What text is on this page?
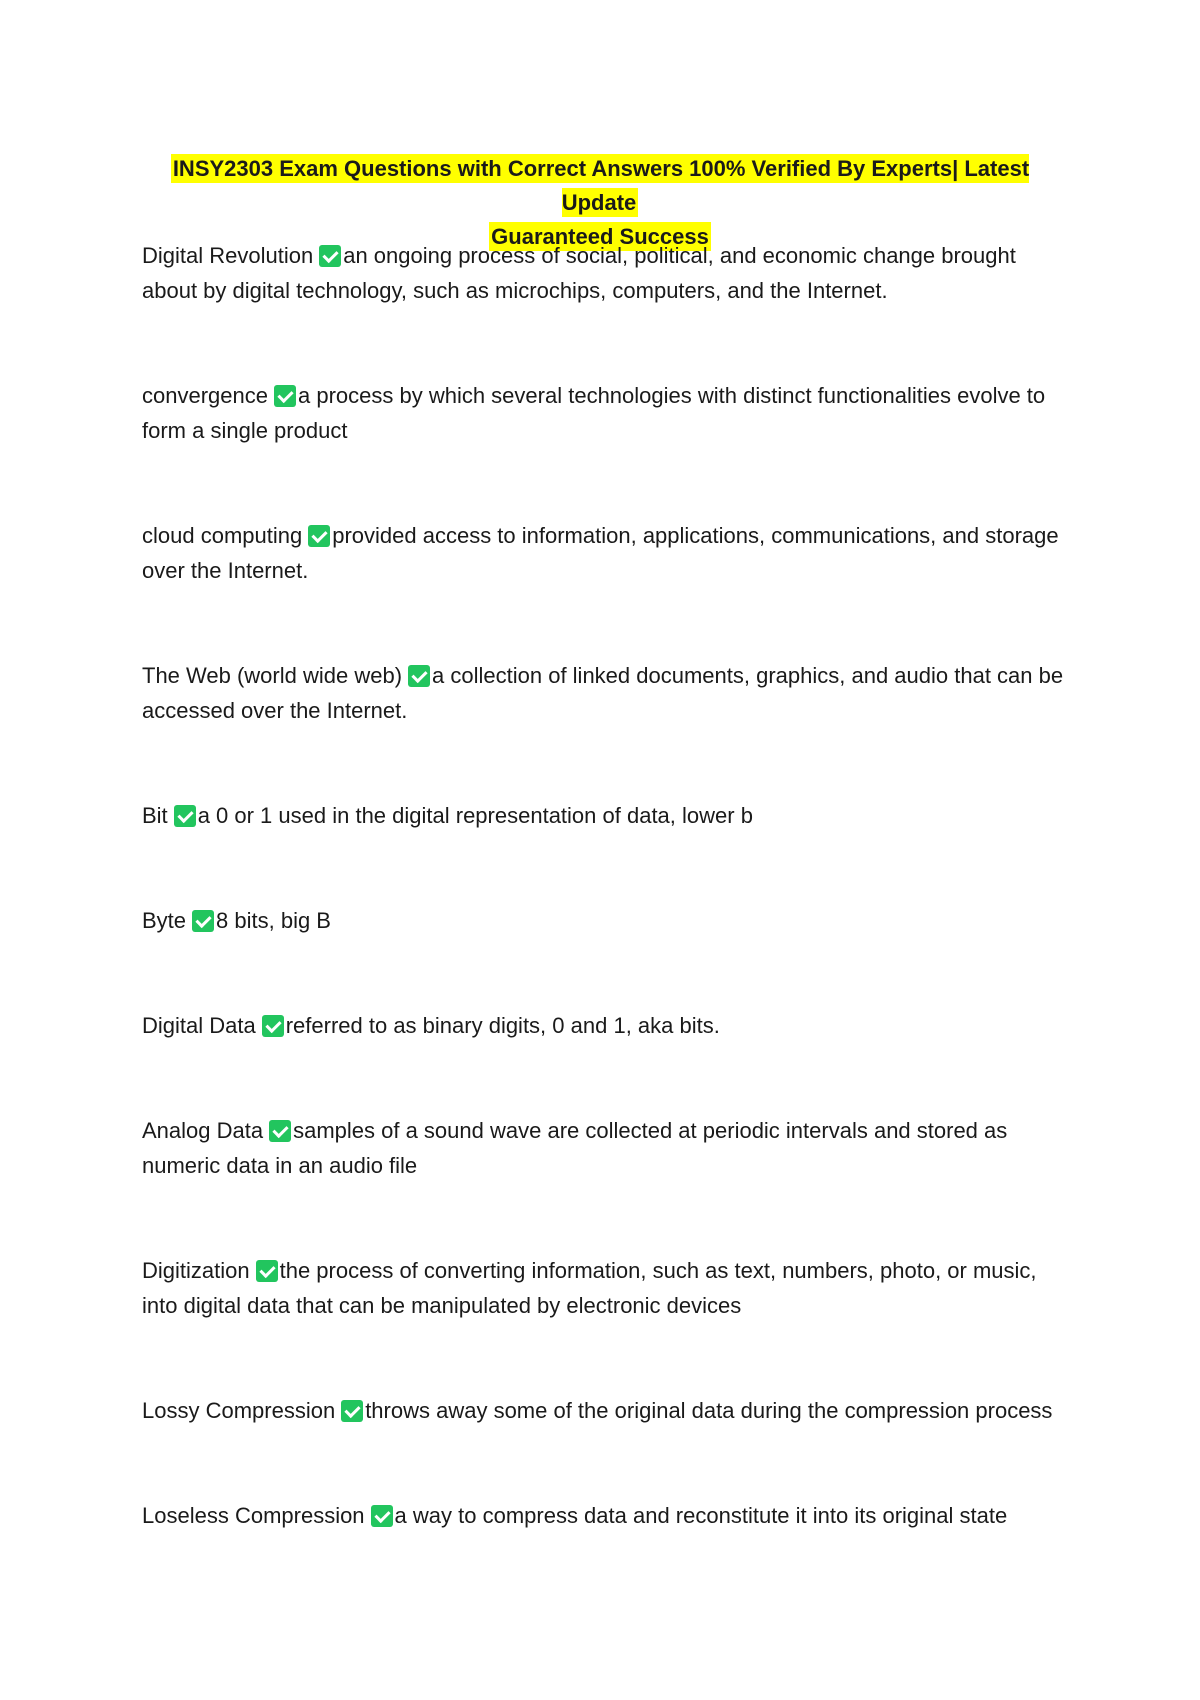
INSY2303 Exam Questions with Correct Answers 100% Verified By Experts| Latest Update
Guaranteed Success
Digital Revolution an ongoing process of social, political, and economic change brought about by digital technology, such as microchips, computers, and the Internet.
convergence a process by which several technologies with distinct functionalities evolve to form a single product
cloud computing provided access to information, applications, communications, and storage over the Internet.
The Web (world wide web) a collection of linked documents, graphics, and audio that can be accessed over the Internet.
Bit a 0 or 1 used in the digital representation of data, lower b
Byte 8 bits, big B
Digital Data referred to as binary digits, 0 and 1, aka bits.
Analog Data samples of a sound wave are collected at periodic intervals and stored as numeric data in an audio file
Digitization the process of converting information, such as text, numbers, photo, or music, into digital data that can be manipulated by electronic devices
Lossy Compression throws away some of the original data during the compression process
Loseless Compression a way to compress data and reconstitute it into its original state
